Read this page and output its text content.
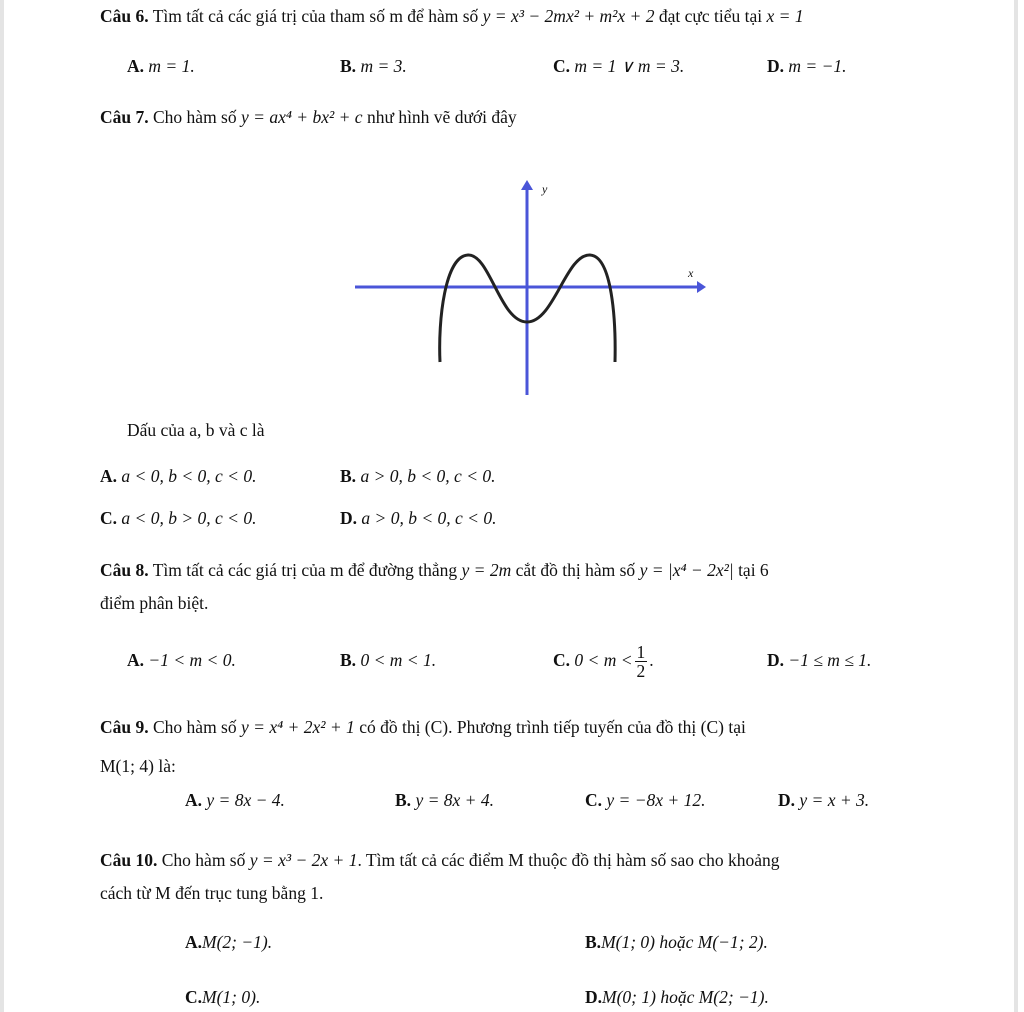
Câu 6. Tìm tất cả các giá trị của tham số m để hàm số y = x³ − 2mx² + m²x + 2 đạt cực tiểu tại x = 1
A. m = 1.	B. m = 3.	C. m = 1 ∨ m = 3.	D. m = −1.
Câu 7. Cho hàm số y = ax⁴ + bx² + c như hình vẽ dưới đây
y
x
Dấu của a, b và c là
A. a < 0, b < 0, c < 0.	B. a > 0, b < 0, c < 0.
C. a < 0, b > 0, c < 0.	D. a > 0, b < 0, c < 0.
Câu 8. Tìm tất cả các giá trị của m để đường thẳng y = 2m cắt đồ thị hàm số y = |x⁴ − 2x²| tại 6
điểm phân biệt.
A. −1 < m < 0.	B. 0 < m < 1.	C. $0 < m < \frac{1}{2}$ .	D. −1 ≤ m ≤ 1.
Câu 9. Cho hàm số y = x⁴ + 2x² + 1 có đồ thị (C). Phương trình tiếp tuyến của đồ thị (C) tại
M(1; 4) là:
A. y = 8x − 4.	B. y = 8x + 4.	C. y = −8x + 12.	D. y = x + 3.
Câu 10. Cho hàm số y = x³ − 2x + 1. Tìm tất cả các điểm M thuộc đồ thị hàm số sao cho khoảng
cách từ M đến trục tung bằng 1.
A.M(2; −1).	B.M(1; 0) hoặc M(−1; 2).
C.M(1; 0).	D.M(0; 1) hoặc M(2; −1).
